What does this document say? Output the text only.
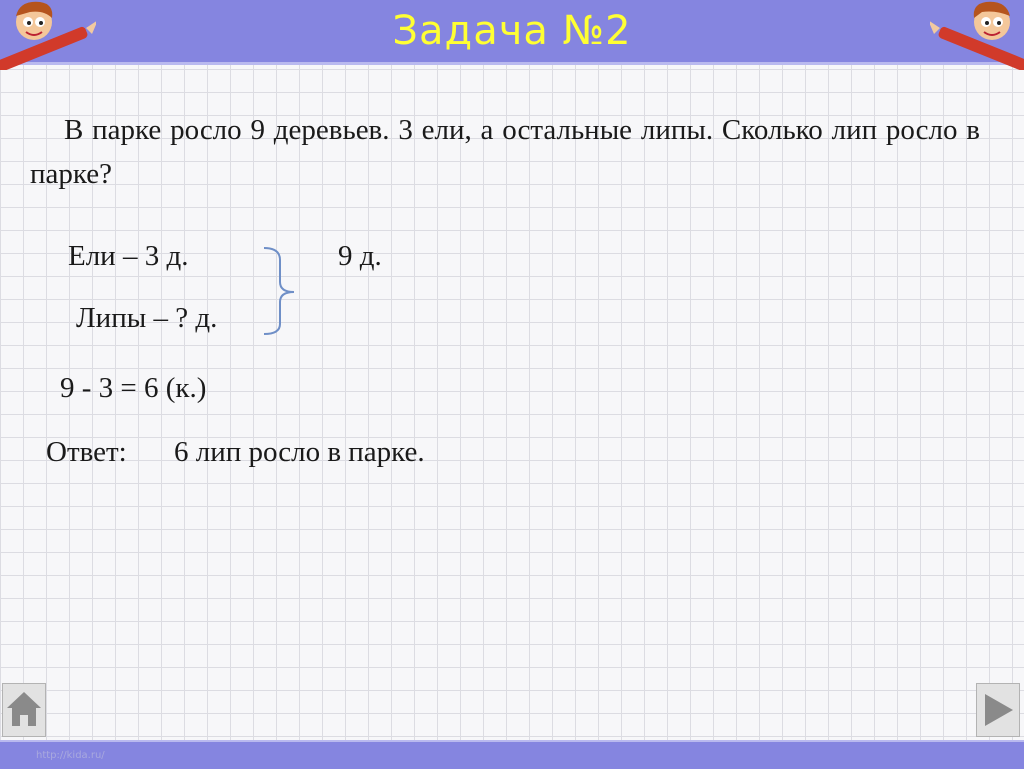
Задача №2
В парке росло 9 деревьев. 3 ели, а остальные липы. Сколько лип росло в парке?
Ели – 3 д.
Липы – ? д.
9 д.
9 - 3 = 6 (к.)
Ответ: 6 лип росло в парке.
http://kida.ru/
